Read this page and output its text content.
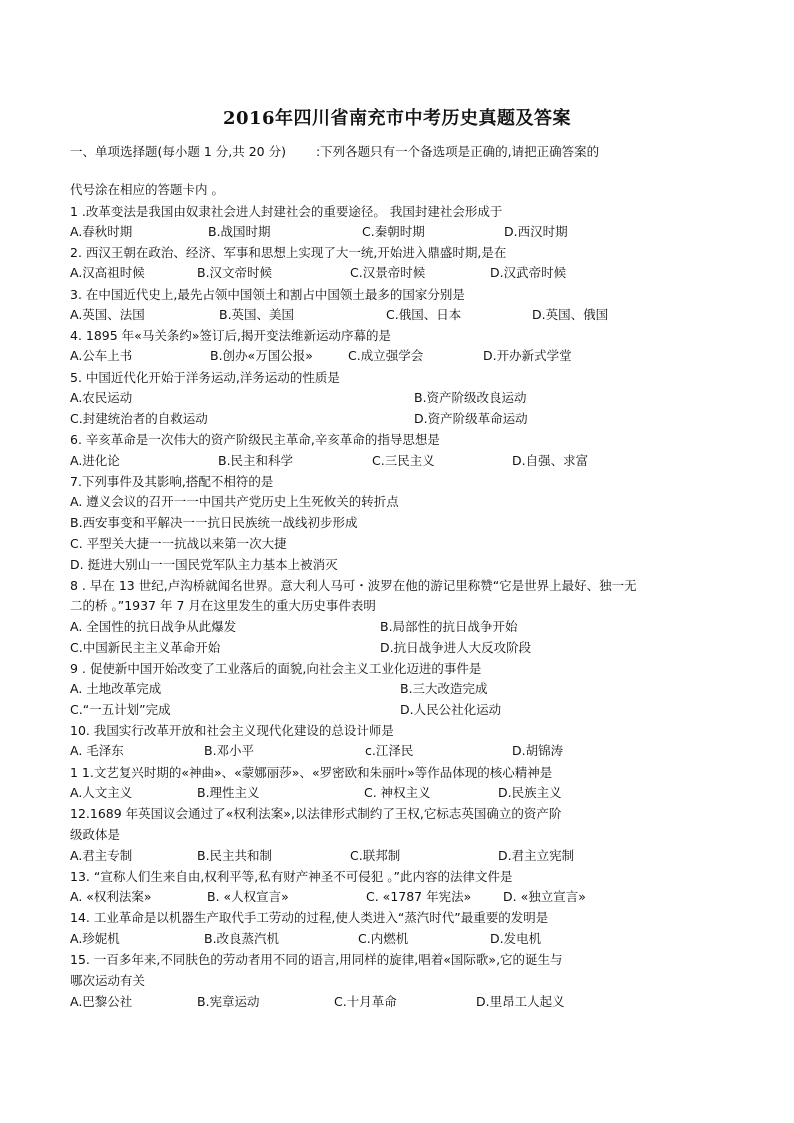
2016年四川省南充市中考历史真题及答案
一、单项选择题(每小题 1 分,共 20 分) :下列各题只有一个备选项是正确的,请把正确答案的
代号涂在相应的答题卡内 。
1 .改革变法是我国由奴隶社会进人封建社会的重要途径。 我国封建社会形成于
A.春秋时期	B.战国时期	C.秦朝时期	D.西汉时期
2. 西汉王朝在政治、经济、军事和思想上实现了大一统,开始进入鼎盛时期,是在
A.汉高祖时候	B.汉文帝时候	C.汉景帝时候	D.汉武帝时候
3. 在中国近代史上,最先占领中国领土和割占中国领土最多的国家分别是
A.英国、法国	B.英国、美国	C.俄国、日本	D.英国、俄国
4. 1895 年«马关条约»签订后,揭开变法维新运动序幕的是
A.公车上书	B.创办«万国公报»	C.成立强学会	D.开办新式学堂
5. 中国近代化开始于洋务运动,洋务运动的性质是
A.农民运动	B.资产阶级改良运动
C.封建统治者的自救运动	D.资产阶级革命运动
6. 辛亥革命是一次伟大的资产阶级民主革命,辛亥革命的指导思想是
A.进化论	B.民主和科学	C.三民主义	D.自强、求富
7.下列事件及其影响,搭配不相符的是
A. 遵义会议的召开一一中国共产党历史上生死攸关的转折点
B.西安事变和平解决一一抗日民族统一战线初步形成
C. 平型关大捷一一抗战以来第一次大捷
D. 挺进大别山一一国民党军队主力基本上被消灭
8 . 早在 13 世纪,卢沟桥就闻名世界。意大利人马可・波罗在他的游记里称赞“它是世界上最好、独一无
二的桥 。”1937 年 7 月在这里发生的重大历史事件表明
A. 全国性的抗日战争从此爆发	B.局部性的抗日战争开始
C.中国新民主主义革命开始	D.抗日战争进人大反攻阶段
9 . 促使新中国开始改变了工业落后的面貌,向社会主义工业化迈进的事件是
A. 土地改革完成	B.三大改造完成
C.“一五计划”完成	D.人民公社化运动
10. 我国实行改革开放和社会主义现代化建设的总设计师是
A. 毛泽东	B.邓小平	c.江泽民	D.胡锦涛
1 1.文艺复兴时期的«神曲»、«蒙娜丽莎»、«罗密欧和朱丽叶»等作品体现的核心精神是
A.人文主义	B.理性主义	C. 神权主义	D.民族主义
12.1689 年英国议会通过了«权利法案»,以法律形式制约了王权,它标志英国确立的资产阶
级政体是
A.君主专制	B.民主共和制	C.联邦制	D.君主立宪制
13. “宣称人们生来自由,权利平等,私有财产神圣不可侵犯 。”此内容的法律文件是
A. «权利法案»	B. «人权宣言»	C. «1787 年宪法»	D. «独立宣言»
14. 工业革命是以机器生产取代手工劳动的过程,使人类进入“蒸汽时代”最重要的发明是
A.珍妮机	B.改良蒸汽机	C.内燃机	D.发电机
15. 一百多年来,不同肤色的劳动者用不同的语言,用同样的旋律,唱着«国际歌»,它的诞生与
哪次运动有关
A.巴黎公社	B.宪章运动	C.十月革命	D.里昂工人起义
